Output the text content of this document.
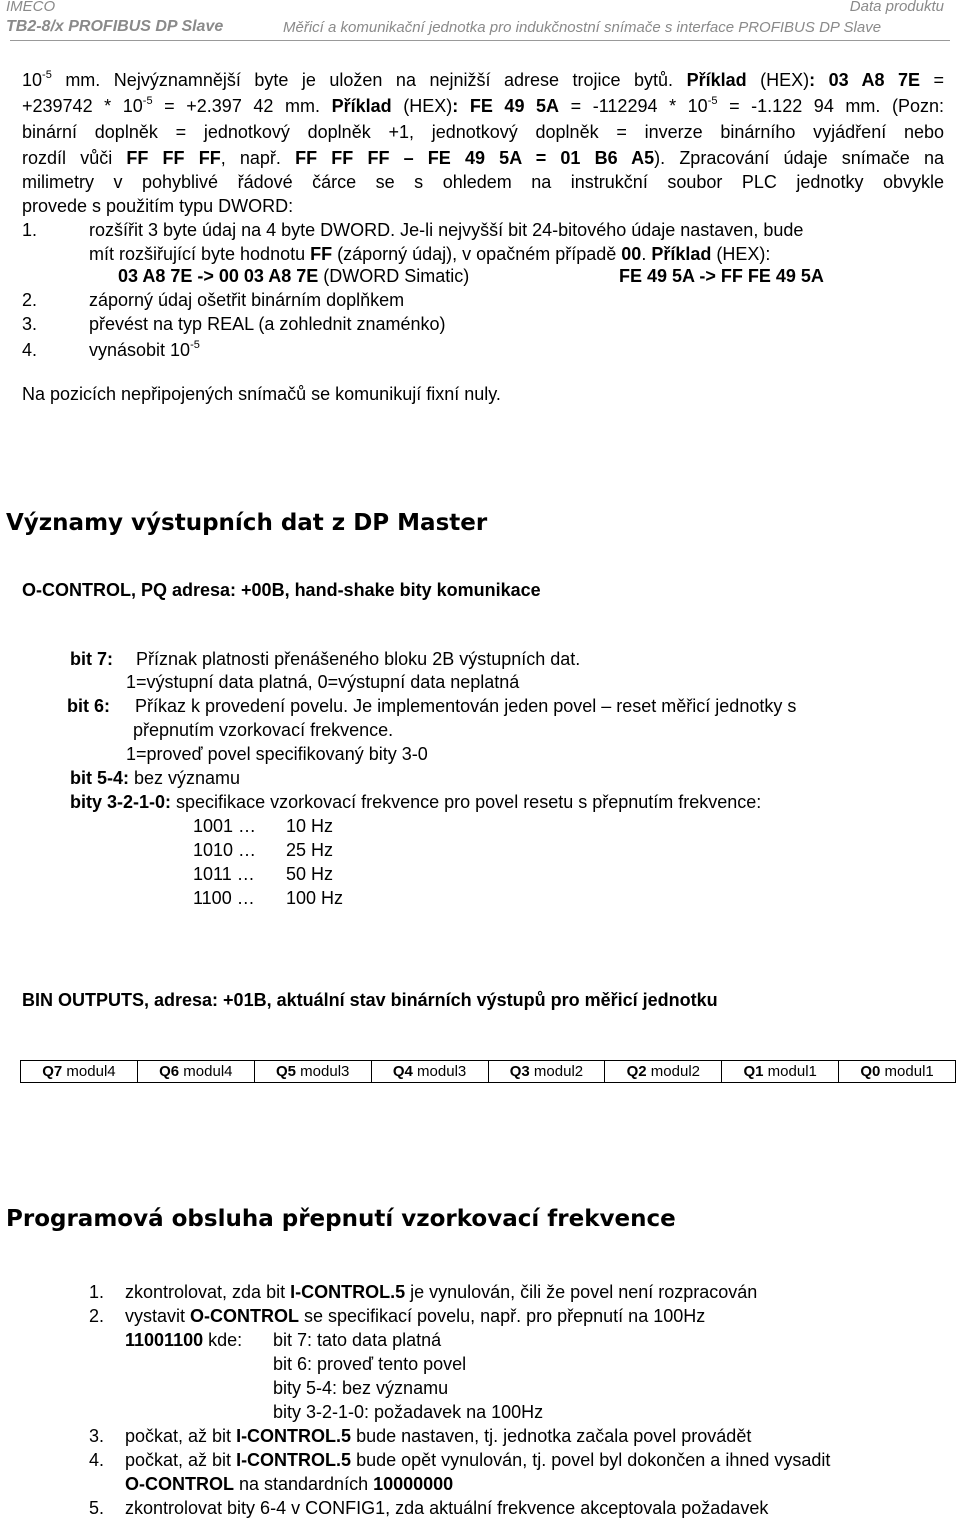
IMECO	Data produktu
TB2-8/x PROFIBUS DP Slave	Měřicí a komunikační jednotka pro indukčnostní snímače s interface PROFIBUS DP Slave
$10^{-5}$ mm. Nejvýznamnější byte je uložen na nejnižší adrese trojice bytů. Příklad (HEX): 03 A8 7E =
$+239742 * 10^{-5} = +2.397$ 42 mm. Příklad (HEX): FE 49 $5A = -112294 * 10^{-5} = -1.122$ 94 mm. (Pozn:
binární doplněk = jednotkový doplněk +1, jednotkový doplněk = inverze binárního vyjádření nebo
rozdíl vůči FF FF FF, např. FF FF FF – FE 49 5A = 01 B6 A5). Zpracování údaje snímače na
milimetry v pohyblivé řádové čárce se s ohledem na instrukční soubor PLC jednotky obvykle
provede s použitím typu DWORD:
1.	rozšířit 3 byte údaj na 4 byte DWORD. Je-li nejvyšší bit 24-bitového údaje nastaven, bude
mít rozšiřující byte hodnotu FF (záporný údaj), v opačném případě 00. Příklad (HEX):
03 A8 7E -> 00 03 A8 7E (DWORD Simatic)	FE 49 5A -> FF FE 49 5A
2.	záporný údaj ošetřit binárním doplňkem
3.	převést na typ REAL (a zohlednit znaménko)
4.	vynásobit $10^{-5}$
Na pozicích nepřipojených snímačů se komunikují fixní nuly.
Významy výstupních dat z DP Master
O-CONTROL, PQ adresa: +00B, hand-shake bity komunikace
bit 7: Příznak platnosti přenášeného bloku 2B výstupních dat.
1=výstupní data platná, 0=výstupní data neplatná
bit 6: Příkaz k provedení povelu. Je implementován jeden povel – reset měřicí jednotky s
přepnutím vzorkovací frekvence.
1=proveď povel specifikovaný bity 3-0
bit 5-4: bez významu
bity 3-2-1-0: specifikace vzorkovací frekvence pro povel resetu s přepnutím frekvence:
1001 … 10 Hz
1010 … 25 Hz
1011 … 50 Hz
1100 … 100 Hz
BIN OUTPUTS, adresa: +01B, aktuální stav binárních výstupů pro měřicí jednotku
Q7 modul4	Q6 modul4	Q5 modul3	Q4 modul3	Q3 modul2	Q2 modul2	Q1 modul1	Q0 modul1
Programová obsluha přepnutí vzorkovací frekvence
1. zkontrolovat, zda bit I-CONTROL.5 je vynulován, čili že povel není rozpracován
2. vystavit O-CONTROL se specifikací povelu, např. pro přepnutí na 100Hz
11001100 kde: bit 7: tato data platná
bit 6: proveď tento povel
bity 5-4: bez významu
bity 3-2-1-0: požadavek na 100Hz
3. počkat, až bit I-CONTROL.5 bude nastaven, tj. jednotka začala povel provádět
4. počkat, až bit I-CONTROL.5 bude opět vynulován, tj. povel byl dokončen a ihned vysadit
O-CONTROL na standardních 10000000
5. zkontrolovat bity 6-4 v CONFIG1, zda aktuální frekvence akceptovala požadavek
